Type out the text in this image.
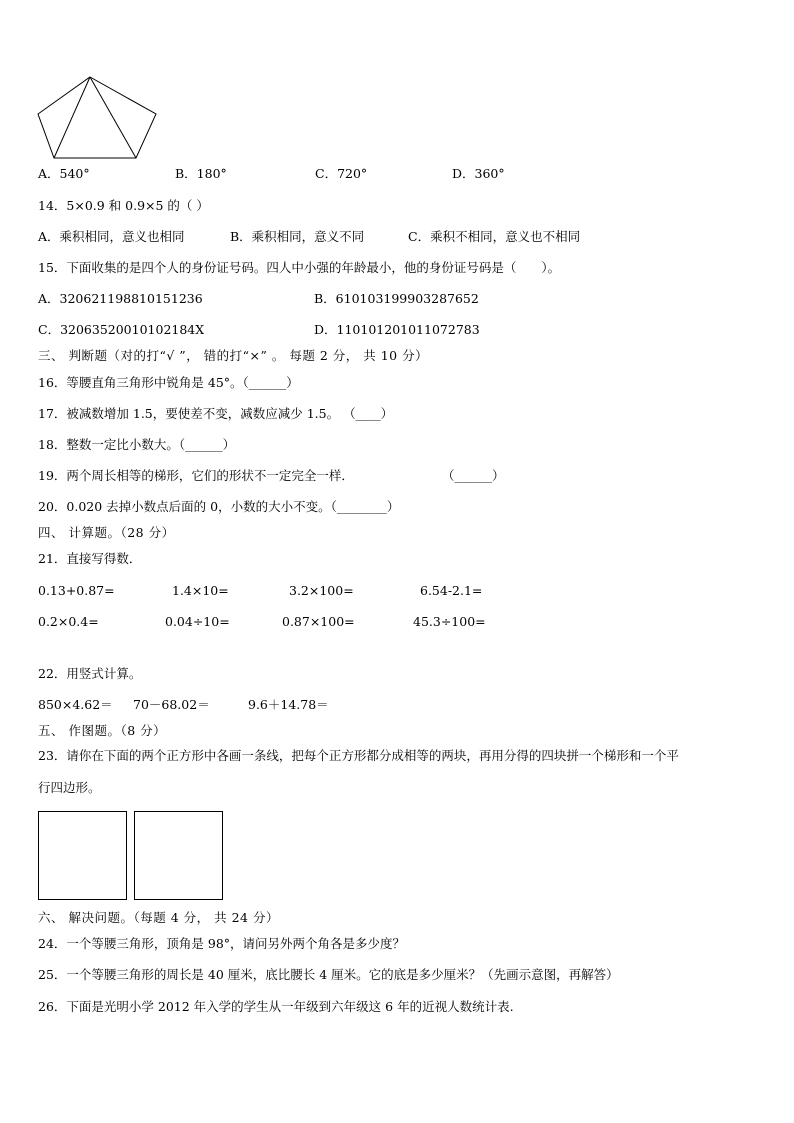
A．540°	B．180°	C．720°	D．360°
14．5×0.9 和 0.9×5 的（ ）
A．乘积相同，意义也相同	B．乘积相同，意义不同	C．乘积不相同，意义也不相同
15．下面收集的是四个人的身份证号码。四人中小强的年龄最小，他的身份证号码是（　　）。
A．320621198810151236	B．610103199903287652
C．32063520010102184X	D．110101201011072783
三、 判断题（对的打“√ ”， 错的打“×” 。 每题 2 分， 共 10 分）
16．等腰直角三角形中锐角是 45°。（______）
17．被减数增加 1.5，要使差不变，减数应减少 1.5。 （____）
18．整数一定比小数大。（______）
19．两个周长相等的梯形，它们的形状不一定完全一样．	（______）
20．0.020 去掉小数点后面的 0，小数的大小不变。（________）
四、 计算题。（28 分）
21．直接写得数．
0.13+0.87=	1.4×10=	3.2×100=	6.54-2.1=
0.2×0.4=	0.04÷10=	0.87×100=	45.3÷100=
22．用竖式计算。
850×4.62＝ 70－68.02＝	9.6＋14.78＝
五、 作图题。（8 分）
23．请你在下面的两个正方形中各画一条线，把每个正方形都分成相等的两块，再用分得的四块拼一个梯形和一个平
行四边形。
六、 解决问题。（每题 4 分， 共 24 分）
24．一个等腰三角形，顶角是 98°，请问另外两个角各是多少度？
25．一个等腰三角形的周长是 40 厘米，底比腰长 4 厘米。它的底是多少厘米？（先画示意图，再解答）
26．下面是光明小学 2012 年入学的学生从一年级到六年级这 6 年的近视人数统计表.
